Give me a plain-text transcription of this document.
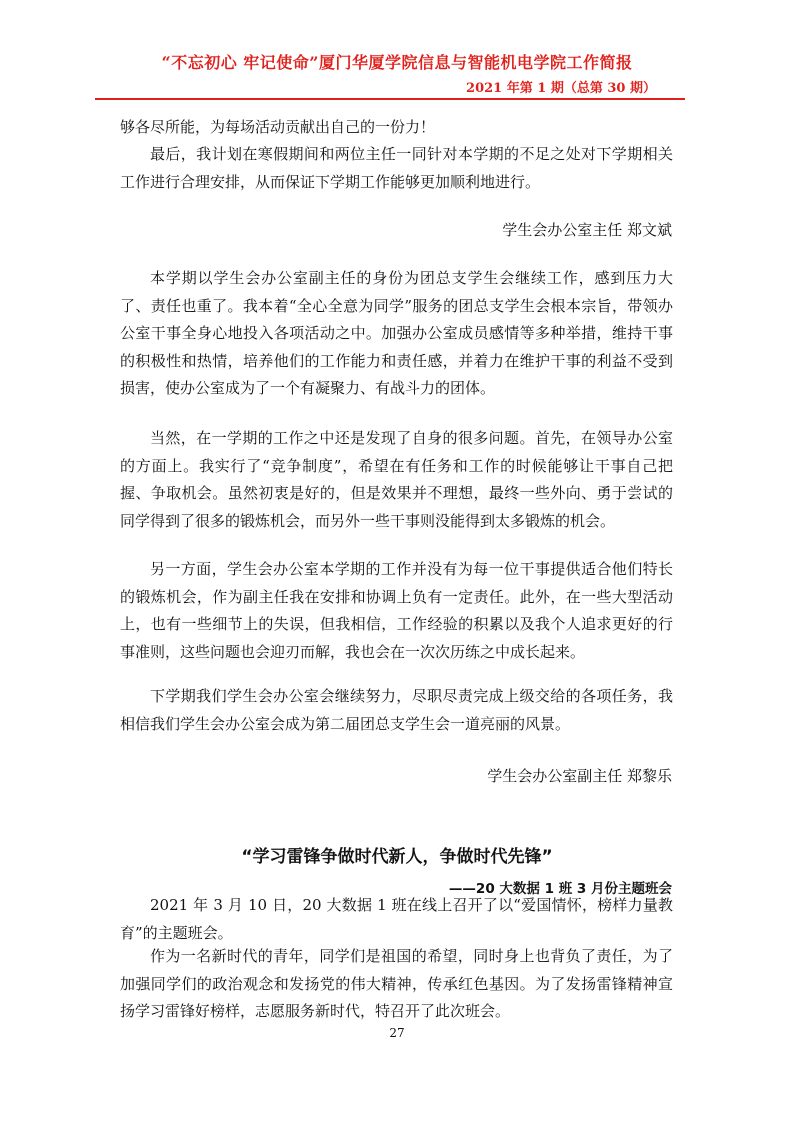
“不忘初心 牢记使命”厦门华厦学院信息与智能机电学院工作简报
2021 年第 1 期（总第 30 期）

够各尽所能，为每场活动贡献出自己的一份力！

最后，我计划在寒假期间和两位主任一同针对本学期的不足之处对下学期相关工作进行合理安排，从而保证下学期工作能够更加顺利地进行。

学生会办公室主任 郑文斌

本学期以学生会办公室副主任的身份为团总支学生会继续工作，感到压力大了、责任也重了。我本着“全心全意为同学”服务的团总支学生会根本宗旨，带领办公室干事全身心地投入各项活动之中。加强办公室成员感情等多种举措，维持干事的积极性和热情，培养他们的工作能力和责任感，并着力在维护干事的利益不受到损害，使办公室成为了一个有凝聚力、有战斗力的团体。

当然，在一学期的工作之中还是发现了自身的很多问题。首先，在领导办公室的方面上。我实行了“竞争制度”，希望在有任务和工作的时候能够让干事自己把握、争取机会。虽然初衷是好的，但是效果并不理想，最终一些外向、勇于尝试的同学得到了很多的锻炼机会，而另外一些干事则没能得到太多锻炼的机会。

另一方面，学生会办公室本学期的工作并没有为每一位干事提供适合他们特长的锻炼机会，作为副主任我在安排和协调上负有一定责任。此外，在一些大型活动上，也有一些细节上的失误，但我相信，工作经验的积累以及我个人追求更好的行事准则，这些问题也会迎刃而解，我也会在一次次历练之中成长起来。

下学期我们学生会办公室会继续努力，尽职尽责完成上级交给的各项任务，我相信我们学生会办公室会成为第二届团总支学生会一道亮丽的风景。

学生会办公室副主任 郑黎乐
“学习雷锋争做时代新人，争做时代先锋”
——20 大数据 1 班 3 月份主题班会

2021 年 3 月 10 日，20 大数据 1 班在线上召开了以“爱国情怀，榜样力量教育”的主题班会。

作为一名新时代的青年，同学们是祖国的希望，同时身上也背负了责任，为了加强同学们的政治观念和发扬党的伟大精神，传承红色基因。为了发扬雷锋精神宣扬学习雷锋好榜样，志愿服务新时代，特召开了此次班会。

27
